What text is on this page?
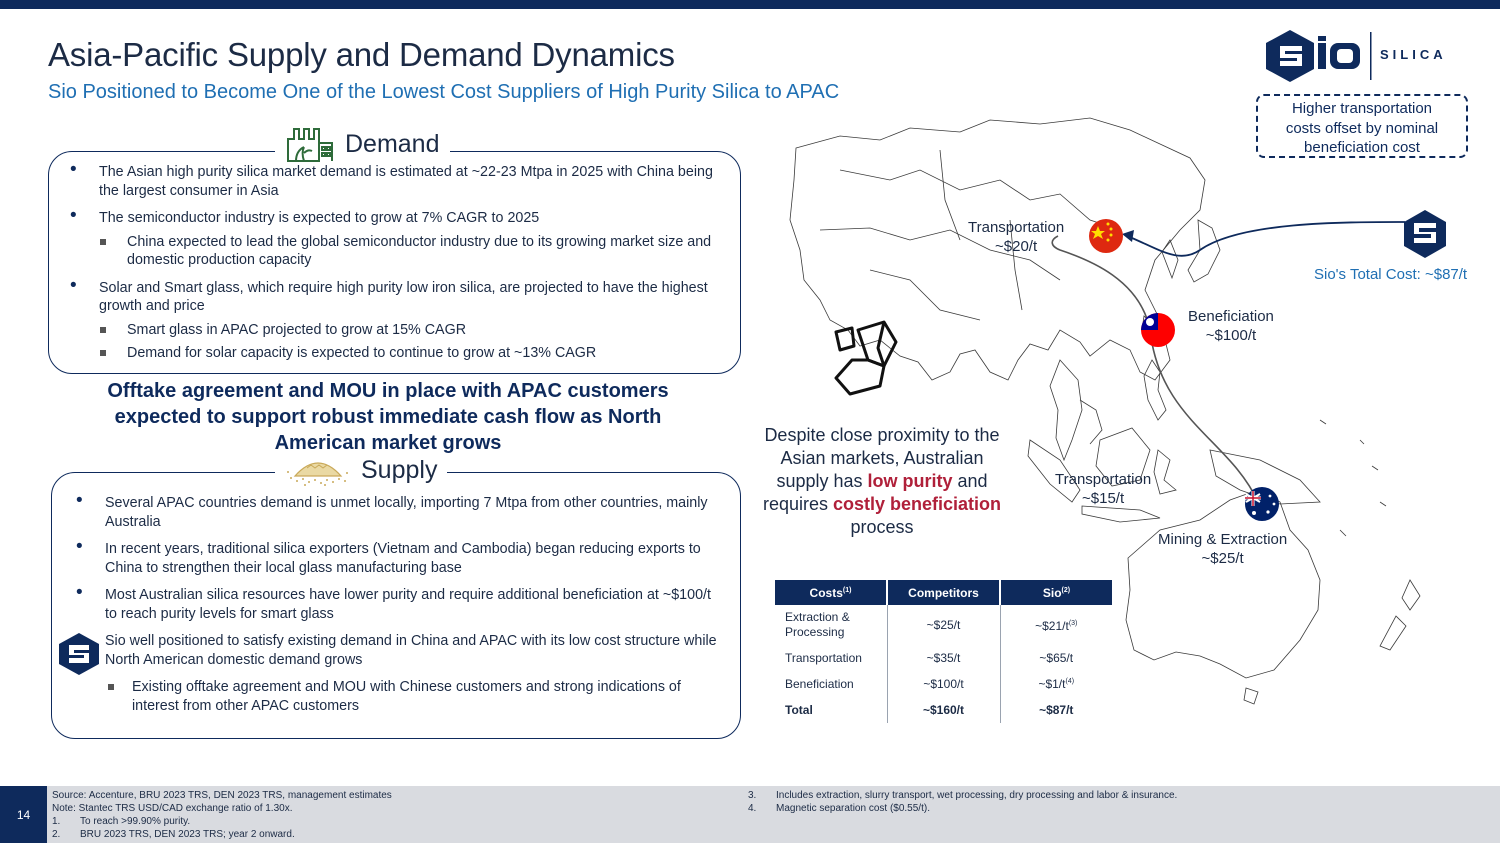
Asia-Pacific Supply and Demand Dynamics
Sio Positioned to Become One of the Lowest Cost Suppliers of High Purity Silica to APAC
SILICA
Higher transportation
costs offset by nominal
beneficiation cost
Demand
• The Asian high purity silica market demand is estimated at ~22-23 Mtpa in 2025 with China being the largest consumer in Asia
• The semiconductor industry is expected to grow at 7% CAGR to 2025
China expected to lead the global semiconductor industry due to its growing market size and domestic production capacity
• Solar and Smart glass, which require high purity low iron silica, are projected to have the highest growth and price
Smart glass in APAC projected to grow at 15% CAGR
Demand for solar capacity is expected to continue to grow at ~13% CAGR
Offtake agreement and MOU in place with APAC customers expected to support robust immediate cash flow as North American market grows
Supply
• Several APAC countries demand is unmet locally, importing 7 Mtpa from other countries, mainly Australia
• In recent years, traditional silica exporters (Vietnam and Cambodia) began reducing exports to China to strengthen their local glass manufacturing base
• Most Australian silica resources have lower purity and require additional beneficiation at ~$100/t to reach purity levels for smart glass
Sio well positioned to satisfy existing demand in China and APAC with its low cost structure while North American domestic demand grows
Existing offtake agreement and MOU with Chinese customers and strong indications of interest from other APAC customers
Transportation
~$20/t
Beneficiation
~$100/t
Transportation
~$15/t
Mining & Extraction
~$25/t
Sio's Total Cost: ~$87/t
Despite close proximity to the Asian markets, Australian supply has low purity and requires costly beneficiation process
Costs$^{(1)}$	Competitors	Sio$^{(2)}$
Extraction & Processing	~$25/t	$\sim\$21/t^{(3)}$
Transportation	~$35/t	~$65/t
Beneficiation	~$100/t	$\sim\$1/t^{(4)}$
Total	~$160/t	~$87/t
14
Source: Accenture, BRU 2023 TRS, DEN 2023 TRS, management estimates
Note: Stantec TRS USD/CAD exchange ratio of 1.30x.
1. To reach >99.90% purity.
2. BRU 2023 TRS, DEN 2023 TRS; year 2 onward.
3. Includes extraction, slurry transport, wet processing, dry processing and labor & insurance.
4. Magnetic separation cost ($0.55/t).
